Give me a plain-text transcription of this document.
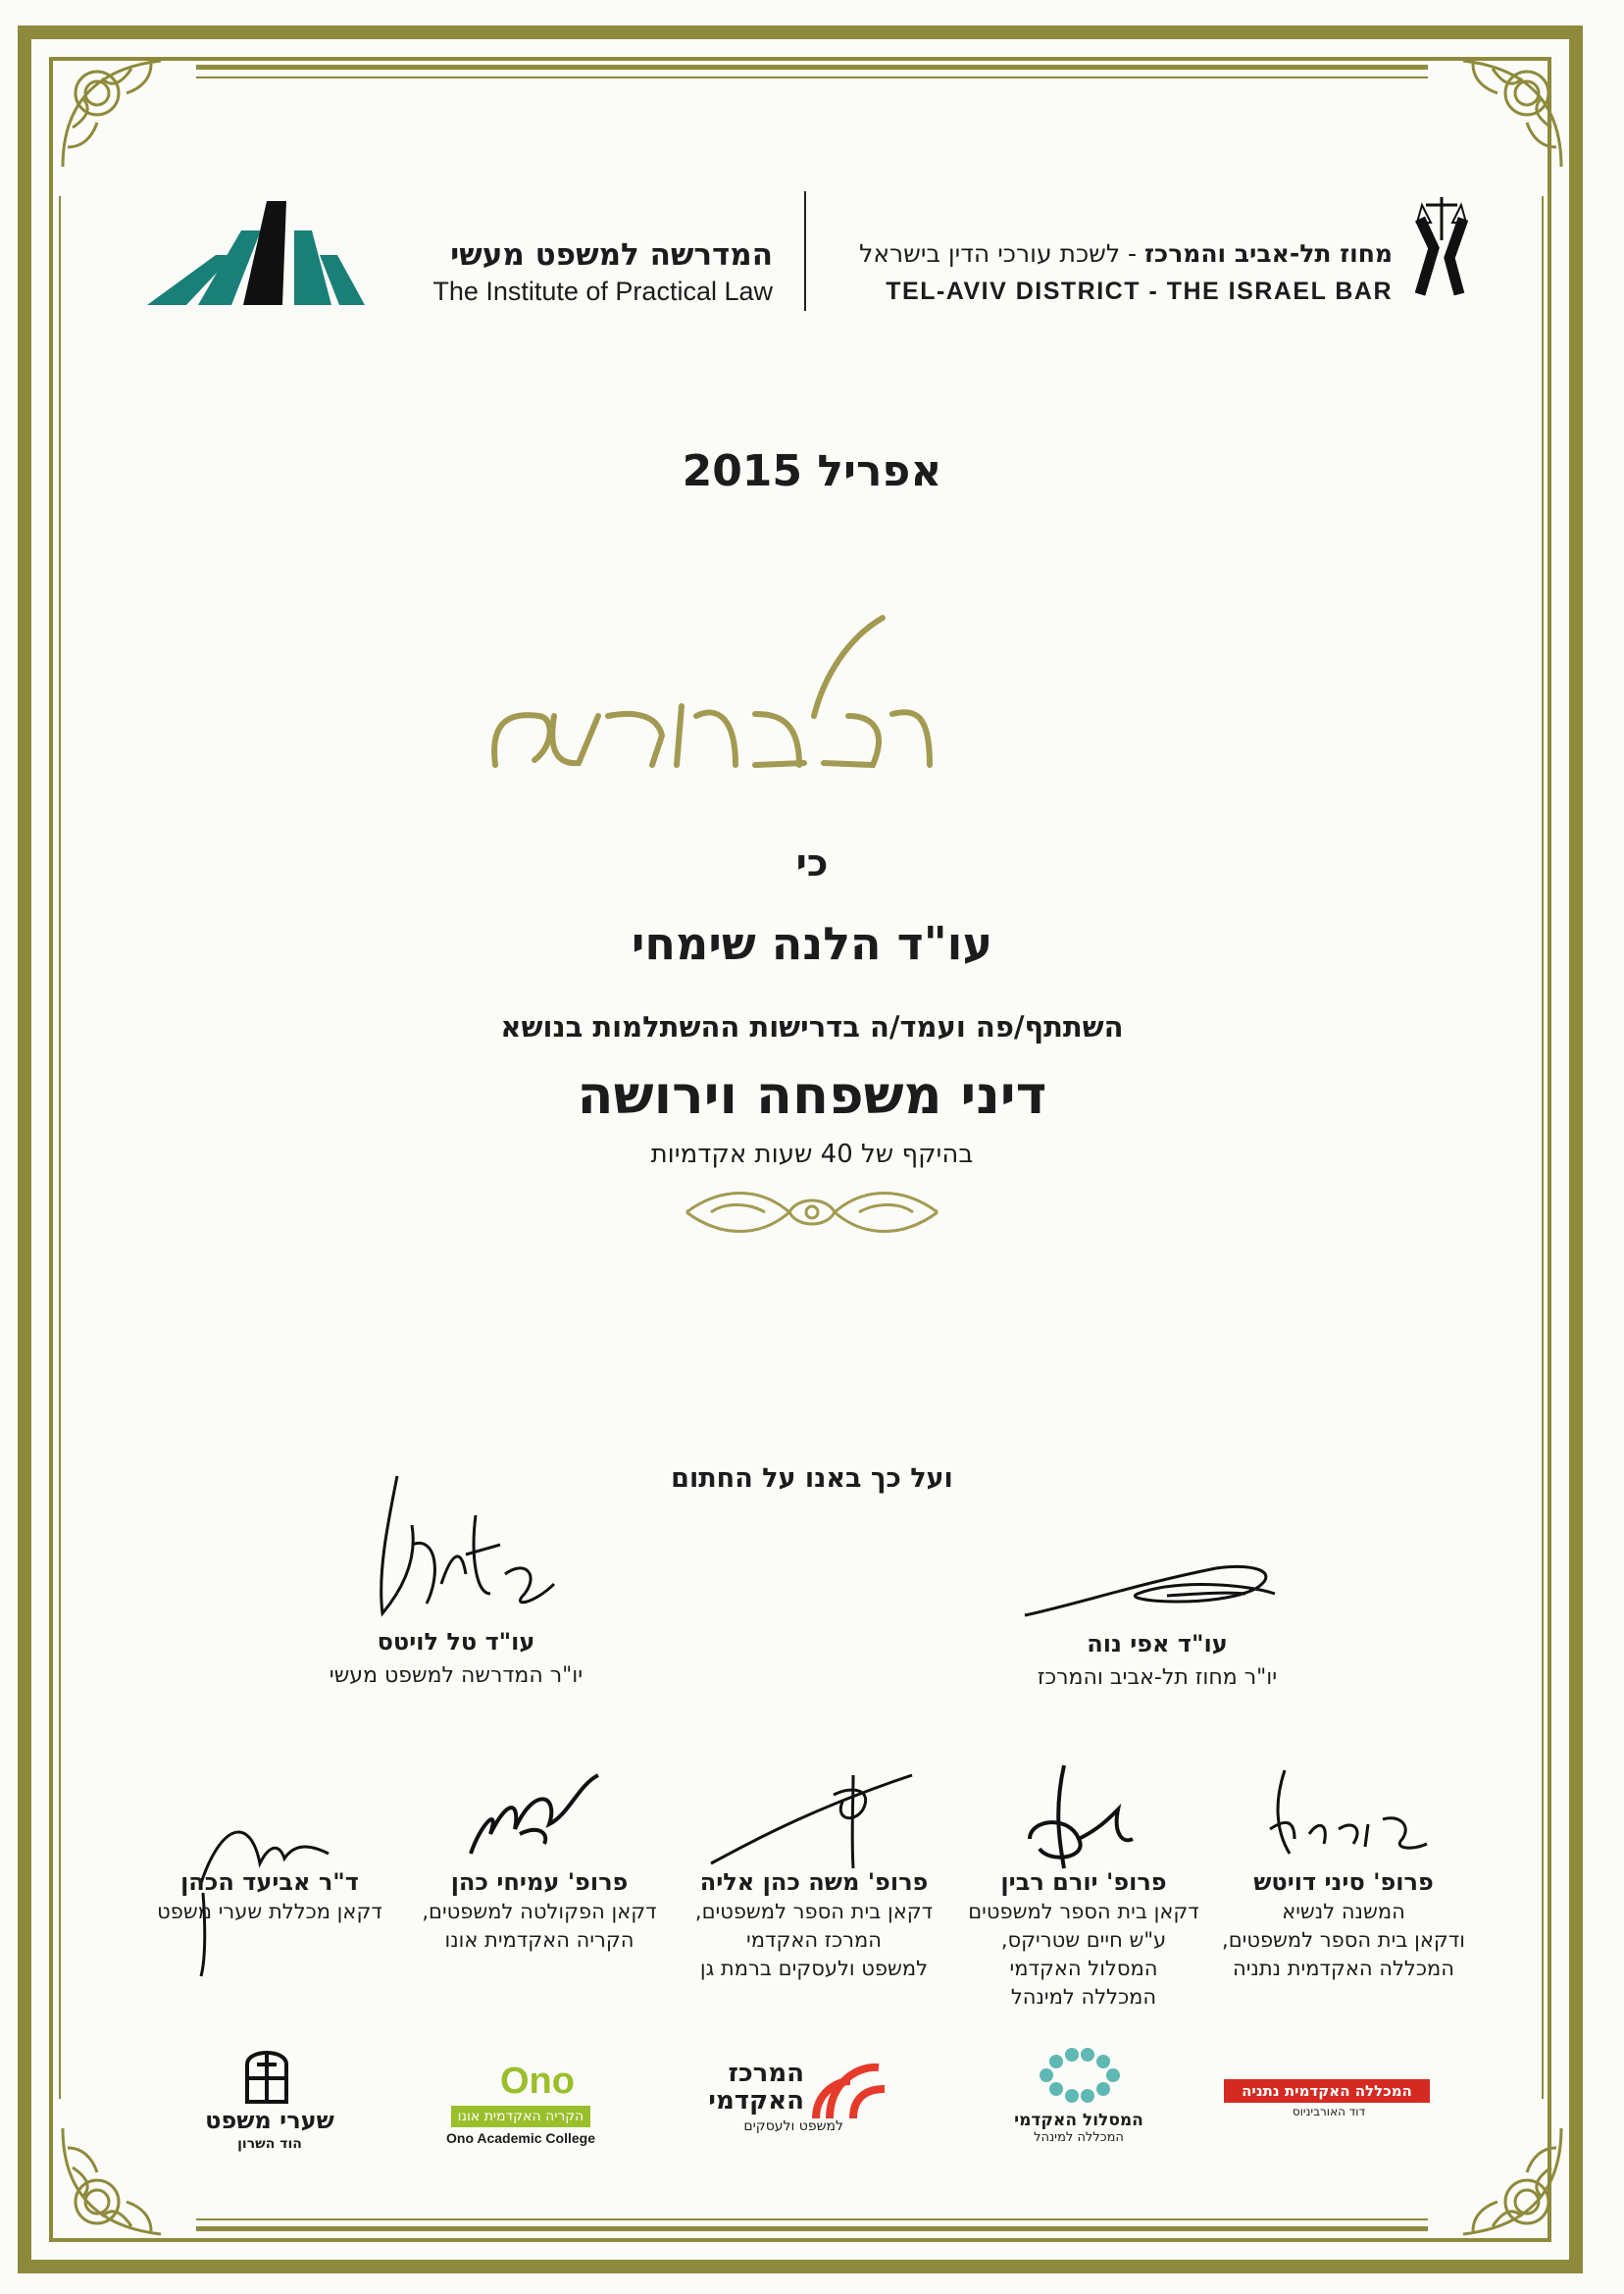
המדרשה למשפט מעשי
The Institute of Practical Law
מחוז תל-אביב והמרכז - לשכת עורכי הדין בישראל
TEL-AVIV DISTRICT - THE ISRAEL BAR
אפריל 2015
כי
עו"ד הלנה שימחי
השתתף/פה ועמד/ה בדרישות ההשתלמות בנושא
דיני משפחה וירושה
בהיקף של 40 שעות אקדמיות
ועל כך באנו על החתום
עו"ד טל לויטס
יו"ר המדרשה למשפט מעשי
עו"ד אפי נוה
יו"ר מחוז תל-אביב והמרכז
ד"ר אביעד הכהן
דקאן מכללת שערי משפט
פרופ' עמיחי כהן
דקאן הפקולטה למשפטים,
הקריה האקדמית אונו
פרופ' משה כהן אליה
דקאן בית הספר למשפטים,
המרכז האקדמי
למשפט ולעסקים ברמת גן
פרופ' יורם רבין
דקאן בית הספר למשפטים
ע"ש חיים שטריקס,
המסלול האקדמי
המכללה למינהל
פרופ' סיני דויטש
המשנה לנשיא
ודקאן בית הספר למשפטים,
המכללה האקדמית נתניה
שערי משפט
הוד השרון
Ono
הקריה האקדמית אונו
Ono Academic College
המרכז
האקדמי
למשפט ולעסקים	המסלול האקדמי
המכללה למינהל
המכללה האקדמית נתניה
דוד האורביניוס
